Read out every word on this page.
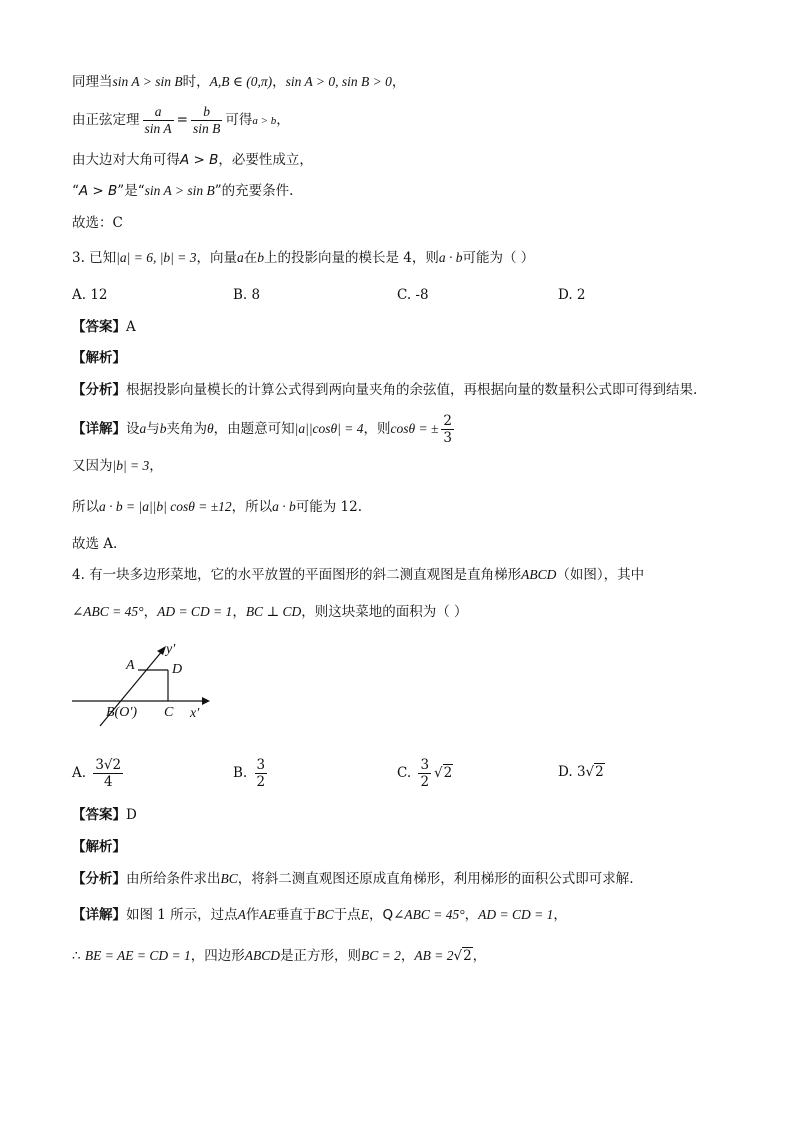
同理当sin A > sin B时，A,B ∈ (0,π)，sin A > 0, sin B > 0，
由正弦定理 $\frac{a}{\text{sin A}} = \frac{b}{\text{sin B}}$ 可得a > b，
由大边对大角可得A > B，必要性成立，
“A > B”是“sin A > sin B”的充要条件.
故选：C
3. 已知|a| = 6, |b| = 3，向量a在b上的投影向量的模长是 4，则a · b可能为（ ）
A. 12	B. 8	C. -8	D. 2
【答案】A
【解析】
【分析】根据投影向量模长的计算公式得到两向量夹角的余弦值，再根据向量的数量积公式即可得到结果.
【详解】设a与b夹角为θ，由题意可知|a||cosθ| = 4，则cosθ = ± $\frac{2}{3}$
又因为|b| = 3，
所以a · b = |a||b| cosθ = ±12，所以a · b可能为 12.
故选 A.
4. 有一块多边形菜地，它的水平放置的平面图形的斜二测直观图是直角梯形ABCD（如图），其中
∠ABC = 45°，AD = CD = 1，BC ⊥ CD，则这块菜地的面积为（ ）
A	D
y′
B(O′) C x′
A. $\frac{3√2}{4}$	B. $\frac{3}{2}$	C. $\frac{3}{2} √2$	D. 3√2
【答案】D
【解析】
【分析】由所给条件求出BC，将斜二测直观图还原成直角梯形，利用梯形的面积公式即可求解.
【详解】如图 1 所示，过点A作AE垂直于BC于点E，Q∠ABC = 45°，AD = CD = 1，
∴ BE = AE = CD = 1，四边形ABCD是正方形，则BC = 2，AB = 2√2，
